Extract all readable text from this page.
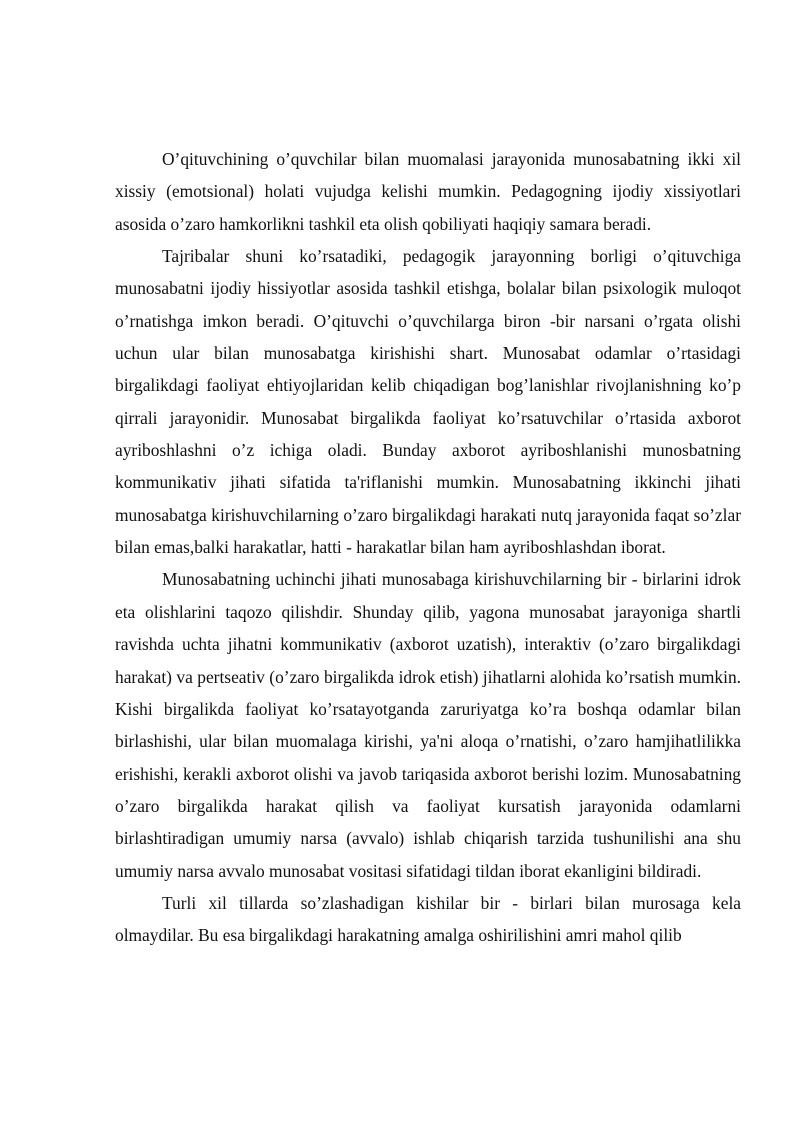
O’qituvchining o’quvchilar bilan muomalasi jarayonida munosabatning ikki xil xissiy (emotsional) holati vujudga kelishi mumkin. Pedagogning ijodiy xissiyotlari asosida o’zaro hamkorlikni tashkil eta olish qobiliyati haqiqiy samara beradi.

Tajribalar shuni ko’rsatadiki, pedagogik jarayonning borligi o’qituvchiga munosabatni ijodiy hissiyotlar asosida tashkil etishga, bolalar bilan psixologik muloqot o’rnatishga imkon beradi. O’qituvchi o’quvchilarga biron -bir narsani o’rgata olishi uchun ular bilan munosabatga kirishishi shart. Munosabat odamlar o’rtasidagi birgalikdagi faoliyat ehtiyojlaridan kelib chiqadigan bog’lanishlar rivojlanishning ko’p qirrali jarayonidir. Munosabat birgalikda faoliyat ko’rsatuvchilar o’rtasida axborot ayriboshlashni o’z ichiga oladi. Bunday axborot ayriboshlanishi munosbatning kommunikativ jihati sifatida ta'riflanishi mumkin. Munosabatning ikkinchi jihati munosabatga kirishuvchilarning o’zaro birgalikdagi harakati nutq jarayonida faqat so’zlar bilan emas,balki harakatlar, hatti - harakatlar bilan ham ayriboshlashdan iborat.

Munosabatning uchinchi jihati munosabaga kirishuvchilarning bir - birlarini idrok eta olishlarini taqozo qilishdir. Shunday qilib, yagona munosabat jarayoniga shartli ravishda uchta jihatni kommunikativ (axborot uzatish), interaktiv (o’zaro birgalikdagi harakat) va pertseativ (o’zaro birgalikda idrok etish) jihatlarni alohida ko’rsatish mumkin. Kishi birgalikda faoliyat ko’rsatayotganda zaruriyatga ko’ra boshqa odamlar bilan birlashishi, ular bilan muomalaga kirishi, ya'ni aloqa o’rnatishi, o’zaro hamjihatlilikka erishishi, kerakli axborot olishi va javob tariqasida axborot berishi lozim. Munosabatning o’zaro birgalikda harakat qilish va faoliyat kursatish jarayonida odamlarni birlashtiradigan umumiy narsa (avvalo) ishlab chiqarish tarzida tushunilishi ana shu umumiy narsa avvalo munosabat vositasi sifatidagi tildan iborat ekanligini bildiradi.

Turli xil tillarda so’zlashadigan kishilar bir - birlari bilan murosaga kela olmaydilar. Bu esa birgalikdagi harakatning amalga oshirilishini amri mahol qilib
